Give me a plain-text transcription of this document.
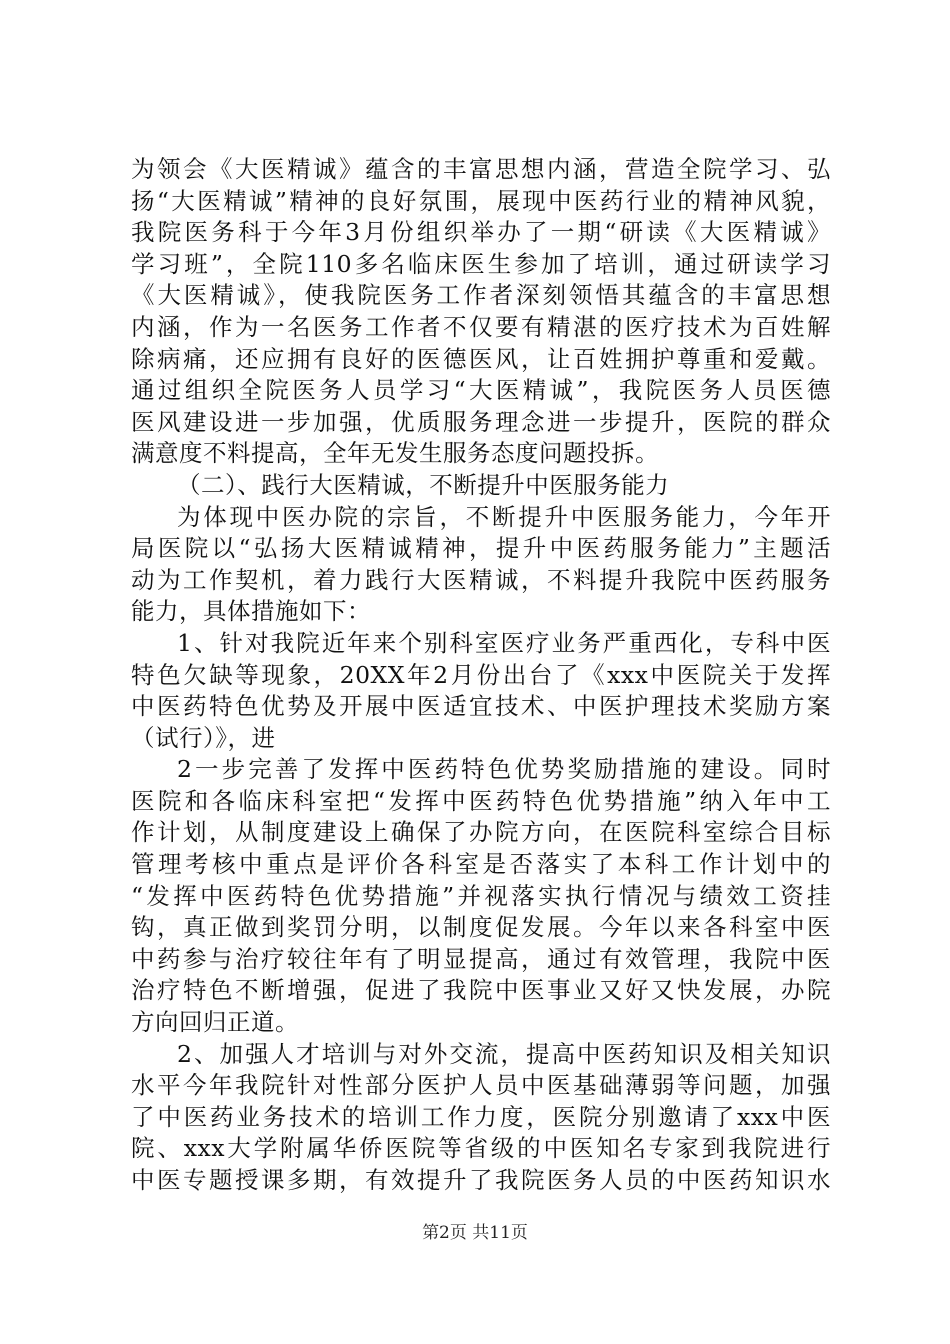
为领会《大医精诚》蕴含的丰富思想内涵，营造全院学习、弘
扬“大医精诚”精神的良好氛围，展现中医药行业的精神风貌，
我院医务科于今年3月份组织举办了一期“研读《大医精诚》
学习班”，全院110多名临床医生参加了培训，通过研读学习
《大医精诚》，使我院医务工作者深刻领悟其蕴含的丰富思想
内涵，作为一名医务工作者不仅要有精湛的医疗技术为百姓解
除病痛，还应拥有良好的医德医风，让百姓拥护尊重和爱戴。
通过组织全院医务人员学习“大医精诚”，我院医务人员医德
医风建设进一步加强，优质服务理念进一步提升，医院的群众
满意度不料提高，全年无发生服务态度问题投拆。
（二）、践行大医精诚，不断提升中医服务能力
为体现中医办院的宗旨，不断提升中医服务能力，今年开
局医院以“弘扬大医精诚精神，提升中医药服务能力”主题活
动为工作契机，着力践行大医精诚，不料提升我院中医药服务
能力，具体措施如下：
1、针对我院近年来个别科室医疗业务严重西化，专科中医
特色欠缺等现象，20XX年2月份出台了《xxx中医院关于发挥
中医药特色优势及开展中医适宜技术、中医护理技术奖励方案
（试行）》，进
2一步完善了发挥中医药特色优势奖励措施的建设。同时
医院和各临床科室把“发挥中医药特色优势措施”纳入年中工
作计划，从制度建设上确保了办院方向，在医院科室综合目标
管理考核中重点是评价各科室是否落实了本科工作计划中的
“发挥中医药特色优势措施”并视落实执行情况与绩效工资挂
钩，真正做到奖罚分明，以制度促发展。今年以来各科室中医
中药参与治疗较往年有了明显提高，通过有效管理，我院中医
治疗特色不断增强，促进了我院中医事业又好又快发展，办院
方向回归正道。
2、加强人才培训与对外交流，提高中医药知识及相关知识
水平今年我院针对性部分医护人员中医基础薄弱等问题，加强
了中医药业务技术的培训工作力度，医院分别邀请了xxx中医
院、xxx大学附属华侨医院等省级的中医知名专家到我院进行
中医专题授课多期，有效提升了我院医务人员的中医药知识水
第2页 共11页
